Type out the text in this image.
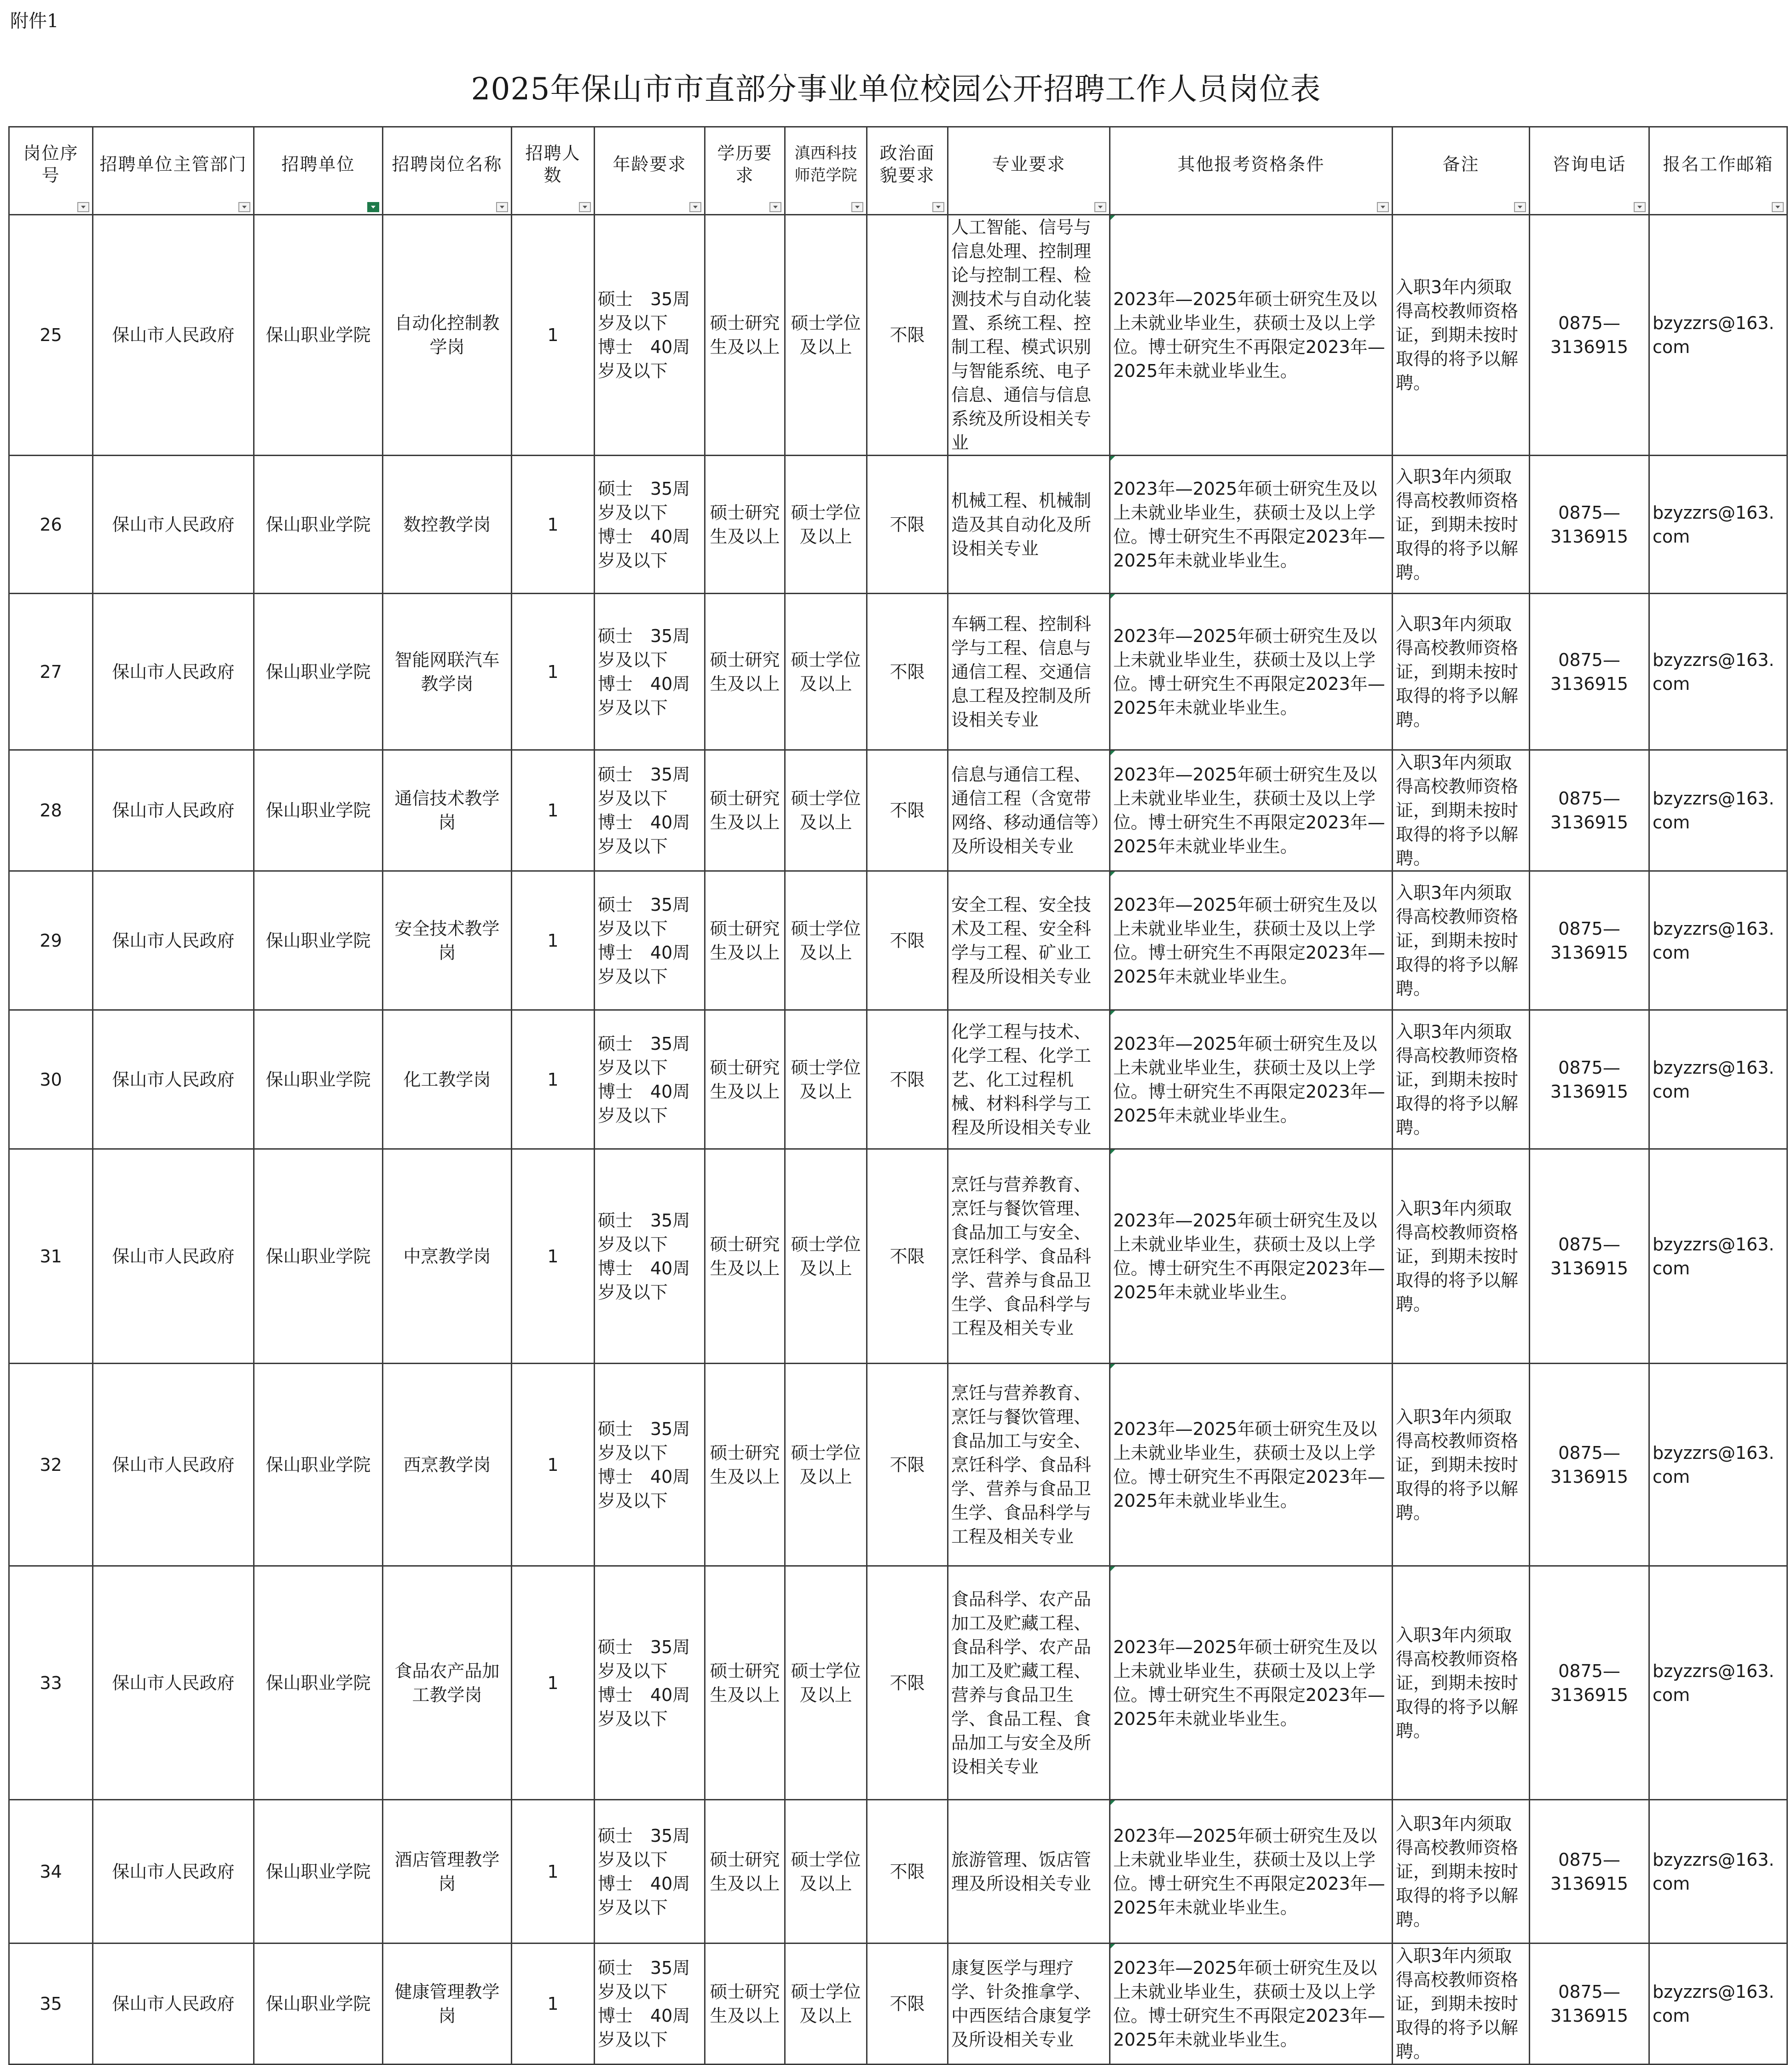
附件1
2025年保山市市直部分事业单位校园公开招聘工作人员岗位表
岗位序号	招聘单位主管部门	招聘单位	招聘岗位名称	招聘人数	年龄要求	学历要求	滇西科技师范学院	政治面貌要求	专业要求	其他报考资格条件	备注	咨询电话	报名工作邮箱

25	保山市人民政府	保山职业学院	自动化控制教学岗	1	硕士　35周岁及以下
博士　40周岁及以下	硕士研究生及以上	硕士学位及以上	不限	人工智能、信号与信息处理、控制理论与控制工程、检测技术与自动化装置、系统工程、控制工程、模式识别与智能系统、电子信息、通信与信息系统及所设相关专业	2023年—2025年硕士研究生及以上未就业毕业生，获硕士及以上学位。博士研究生不再限定2023年—2025年未就业毕业生。	入职3年内须取得高校教师资格证，到期未按时取得的将予以解聘。	0875—3136915	bzyzzrs@163.com
26	保山市人民政府	保山职业学院	数控教学岗	1	硕士　35周岁及以下
博士　40周岁及以下	硕士研究生及以上	硕士学位及以上	不限	机械工程、机械制造及其自动化及所设相关专业	2023年—2025年硕士研究生及以上未就业毕业生，获硕士及以上学位。博士研究生不再限定2023年—2025年未就业毕业生。	入职3年内须取得高校教师资格证，到期未按时取得的将予以解聘。	0875—3136915	bzyzzrs@163.com
27	保山市人民政府	保山职业学院	智能网联汽车教学岗	1	硕士　35周岁及以下
博士　40周岁及以下	硕士研究生及以上	硕士学位及以上	不限	车辆工程、控制科学与工程、信息与通信工程、交通信息工程及控制及所设相关专业	2023年—2025年硕士研究生及以上未就业毕业生，获硕士及以上学位。博士研究生不再限定2023年—2025年未就业毕业生。	入职3年内须取得高校教师资格证，到期未按时取得的将予以解聘。	0875—3136915	bzyzzrs@163.com
28	保山市人民政府	保山职业学院	通信技术教学岗	1	硕士　35周岁及以下
博士　40周岁及以下	硕士研究生及以上	硕士学位及以上	不限	信息与通信工程、通信工程（含宽带网络、移动通信等）及所设相关专业	2023年—2025年硕士研究生及以上未就业毕业生，获硕士及以上学位。博士研究生不再限定2023年—2025年未就业毕业生。	入职3年内须取得高校教师资格证，到期未按时取得的将予以解聘。	0875—3136915	bzyzzrs@163.com
29	保山市人民政府	保山职业学院	安全技术教学岗	1	硕士　35周岁及以下
博士　40周岁及以下	硕士研究生及以上	硕士学位及以上	不限	安全工程、安全技术及工程、安全科学与工程、矿业工程及所设相关专业	2023年—2025年硕士研究生及以上未就业毕业生，获硕士及以上学位。博士研究生不再限定2023年—2025年未就业毕业生。	入职3年内须取得高校教师资格证，到期未按时取得的将予以解聘。	0875—3136915	bzyzzrs@163.com
30	保山市人民政府	保山职业学院	化工教学岗	1	硕士　35周岁及以下
博士　40周岁及以下	硕士研究生及以上	硕士学位及以上	不限	化学工程与技术、化学工程、化学工艺、化工过程机械、材料科学与工程及所设相关专业	2023年—2025年硕士研究生及以上未就业毕业生，获硕士及以上学位。博士研究生不再限定2023年—2025年未就业毕业生。	入职3年内须取得高校教师资格证，到期未按时取得的将予以解聘。	0875—3136915	bzyzzrs@163.com
31	保山市人民政府	保山职业学院	中烹教学岗	1	硕士　35周岁及以下
博士　40周岁及以下	硕士研究生及以上	硕士学位及以上	不限	烹饪与营养教育、烹饪与餐饮管理、食品加工与安全、烹饪科学、食品科学、营养与食品卫生学、食品科学与工程及相关专业	2023年—2025年硕士研究生及以上未就业毕业生，获硕士及以上学位。博士研究生不再限定2023年—2025年未就业毕业生。	入职3年内须取得高校教师资格证，到期未按时取得的将予以解聘。	0875—3136915	bzyzzrs@163.com
32	保山市人民政府	保山职业学院	西烹教学岗	1	硕士　35周岁及以下
博士　40周岁及以下	硕士研究生及以上	硕士学位及以上	不限	烹饪与营养教育、烹饪与餐饮管理、食品加工与安全、烹饪科学、食品科学、营养与食品卫生学、食品科学与工程及相关专业	2023年—2025年硕士研究生及以上未就业毕业生，获硕士及以上学位。博士研究生不再限定2023年—2025年未就业毕业生。	入职3年内须取得高校教师资格证，到期未按时取得的将予以解聘。	0875—3136915	bzyzzrs@163.com
33	保山市人民政府	保山职业学院	食品农产品加工教学岗	1	硕士　35周岁及以下
博士　40周岁及以下	硕士研究生及以上	硕士学位及以上	不限	食品科学、农产品加工及贮藏工程、食品科学、农产品加工及贮藏工程、营养与食品卫生学、食品工程、食品加工与安全及所设相关专业	2023年—2025年硕士研究生及以上未就业毕业生，获硕士及以上学位。博士研究生不再限定2023年—2025年未就业毕业生。	入职3年内须取得高校教师资格证，到期未按时取得的将予以解聘。	0875—3136915	bzyzzrs@163.com
34	保山市人民政府	保山职业学院	酒店管理教学岗	1	硕士　35周岁及以下
博士　40周岁及以下	硕士研究生及以上	硕士学位及以上	不限	旅游管理、饭店管理及所设相关专业	2023年—2025年硕士研究生及以上未就业毕业生，获硕士及以上学位。博士研究生不再限定2023年—2025年未就业毕业生。	入职3年内须取得高校教师资格证，到期未按时取得的将予以解聘。	0875—3136915	bzyzzrs@163.com
35	保山市人民政府	保山职业学院	健康管理教学岗	1	硕士　35周岁及以下
博士　40周岁及以下	硕士研究生及以上	硕士学位及以上	不限	康复医学与理疗学、针灸推拿学、中西医结合康复学及所设相关专业	2023年—2025年硕士研究生及以上未就业毕业生，获硕士及以上学位。博士研究生不再限定2023年—2025年未就业毕业生。	入职3年内须取得高校教师资格证，到期未按时取得的将予以解聘。	0875—3136915	bzyzzrs@163.com
